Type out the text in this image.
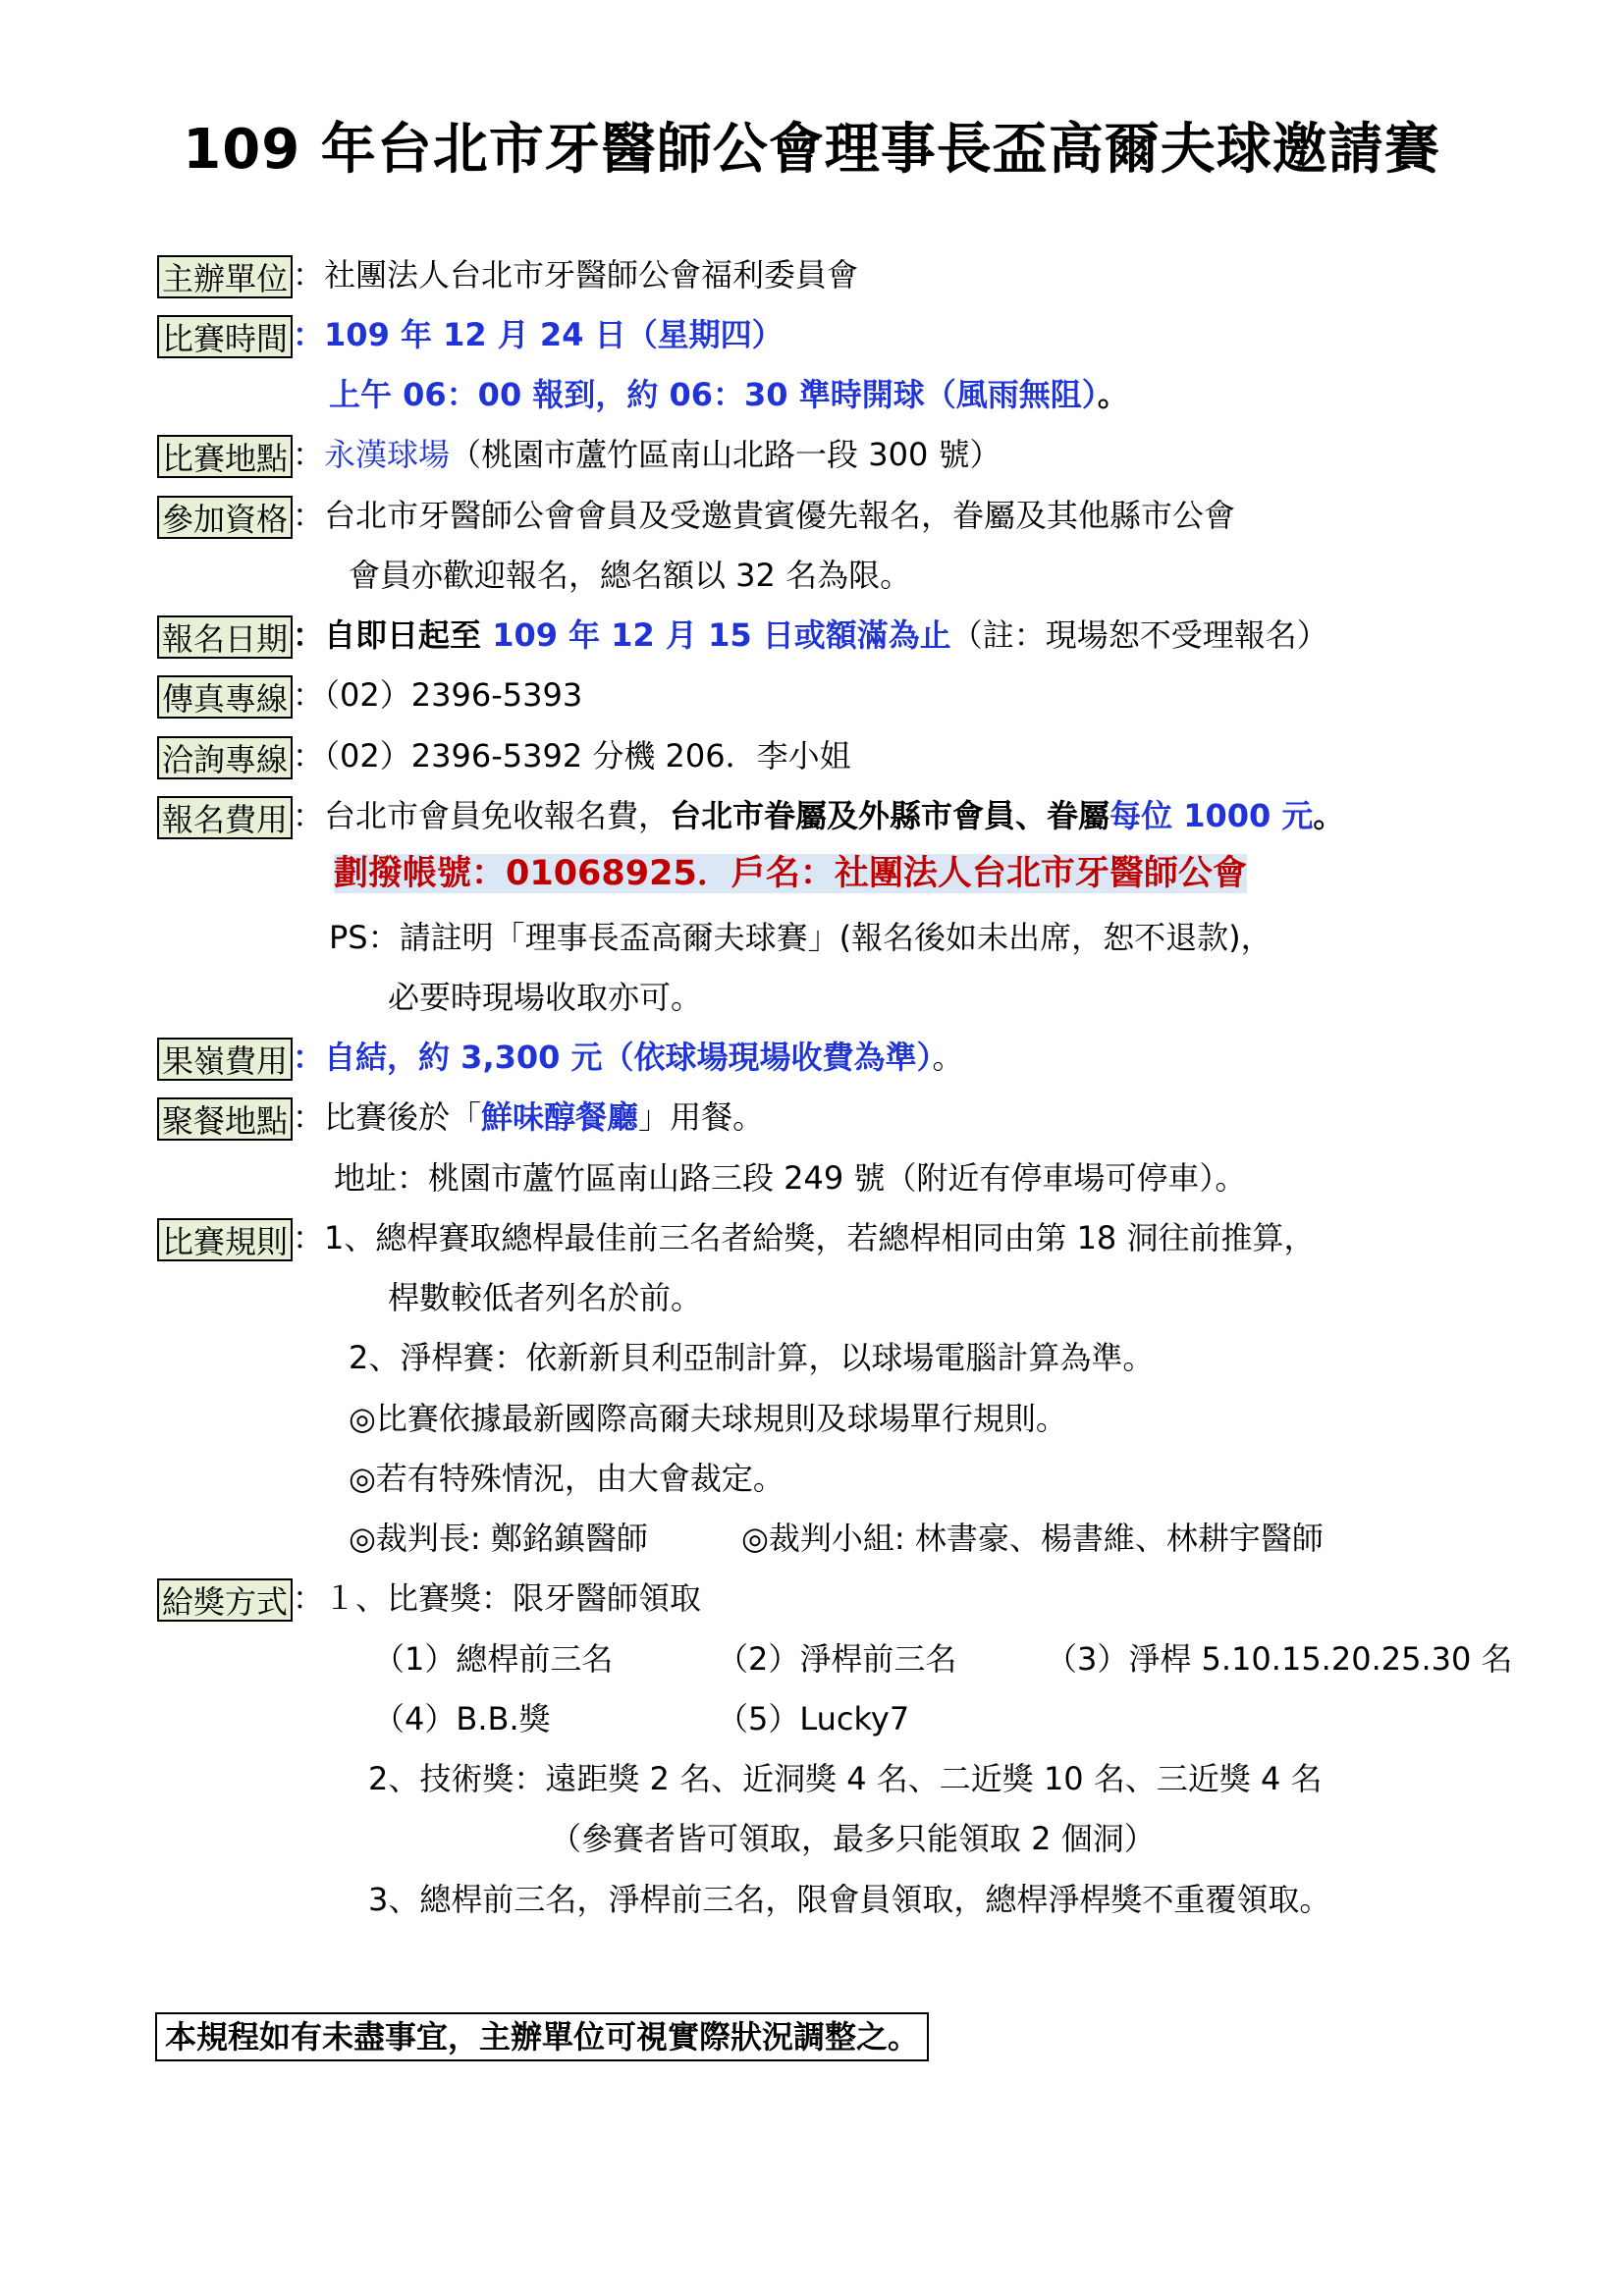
109 年台北市牙醫師公會理事長盃高爾夫球邀請賽
主辦單位 ：社團法人台北市牙醫師公會福利委員會
比賽時間 ：109 年 12 月 24 日（星期四）
上午 06：00 報到，約 06：30 準時開球（風雨無阻）。
比賽地點 ：永漢球場（桃園市蘆竹區南山北路一段 300 號）
參加資格 ：台北市牙醫師公會會員及受邀貴賓優先報名，眷屬及其他縣市公會
會員亦歡迎報名，總名額以 32 名為限。
報名日期 ：自即日起至 109 年 12 月 15 日或額滿為止（註：現場恕不受理報名）
傳真專線 ：（02）2396-5393
洽詢專線 ：（02）2396-5392 分機 206．李小姐
報名費用 ：台北市會員免收報名費，台北市眷屬及外縣市會員、眷屬每位 1000 元。
劃撥帳號：01068925．戶名：社團法人台北市牙醫師公會
PS：請註明「理事長盃高爾夫球賽」(報名後如未出席，恕不退款)，
必要時現場收取亦可。
果嶺費用 ：自結，約 3,300 元（依球場現場收費為準）。
聚餐地點 ：比賽後於「鮮味醇餐廳」用餐。
地址：桃園市蘆竹區南山路三段 249 號（附近有停車場可停車）。
比賽規則 ：1、總桿賽取總桿最佳前三名者給獎，若總桿相同由第 18 洞往前推算，
桿數較低者列名於前。
2、淨桿賽：依新新貝利亞制計算，以球場電腦計算為準。
◎比賽依據最新國際高爾夫球規則及球場單行規則。
◎若有特殊情況，由大會裁定。
◎裁判長: 鄭銘鎮醫師	◎裁判小組: 林書豪、楊書維、林耕宇醫師
給獎方式 ：１、比賽獎：限牙醫師領取
（1）總桿前三名	（2）淨桿前三名	（3）淨桿 5.10.15.20.25.30 名
（4）B.B.獎	（5）Lucky7
2、技術獎：遠距獎 2 名、近洞獎 4 名、二近獎 10 名、三近獎 4 名
（參賽者皆可領取，最多只能領取 2 個洞）
3、總桿前三名，淨桿前三名，限會員領取，總桿淨桿獎不重覆領取。
本規程如有未盡事宜，主辦單位可視實際狀況調整之。
